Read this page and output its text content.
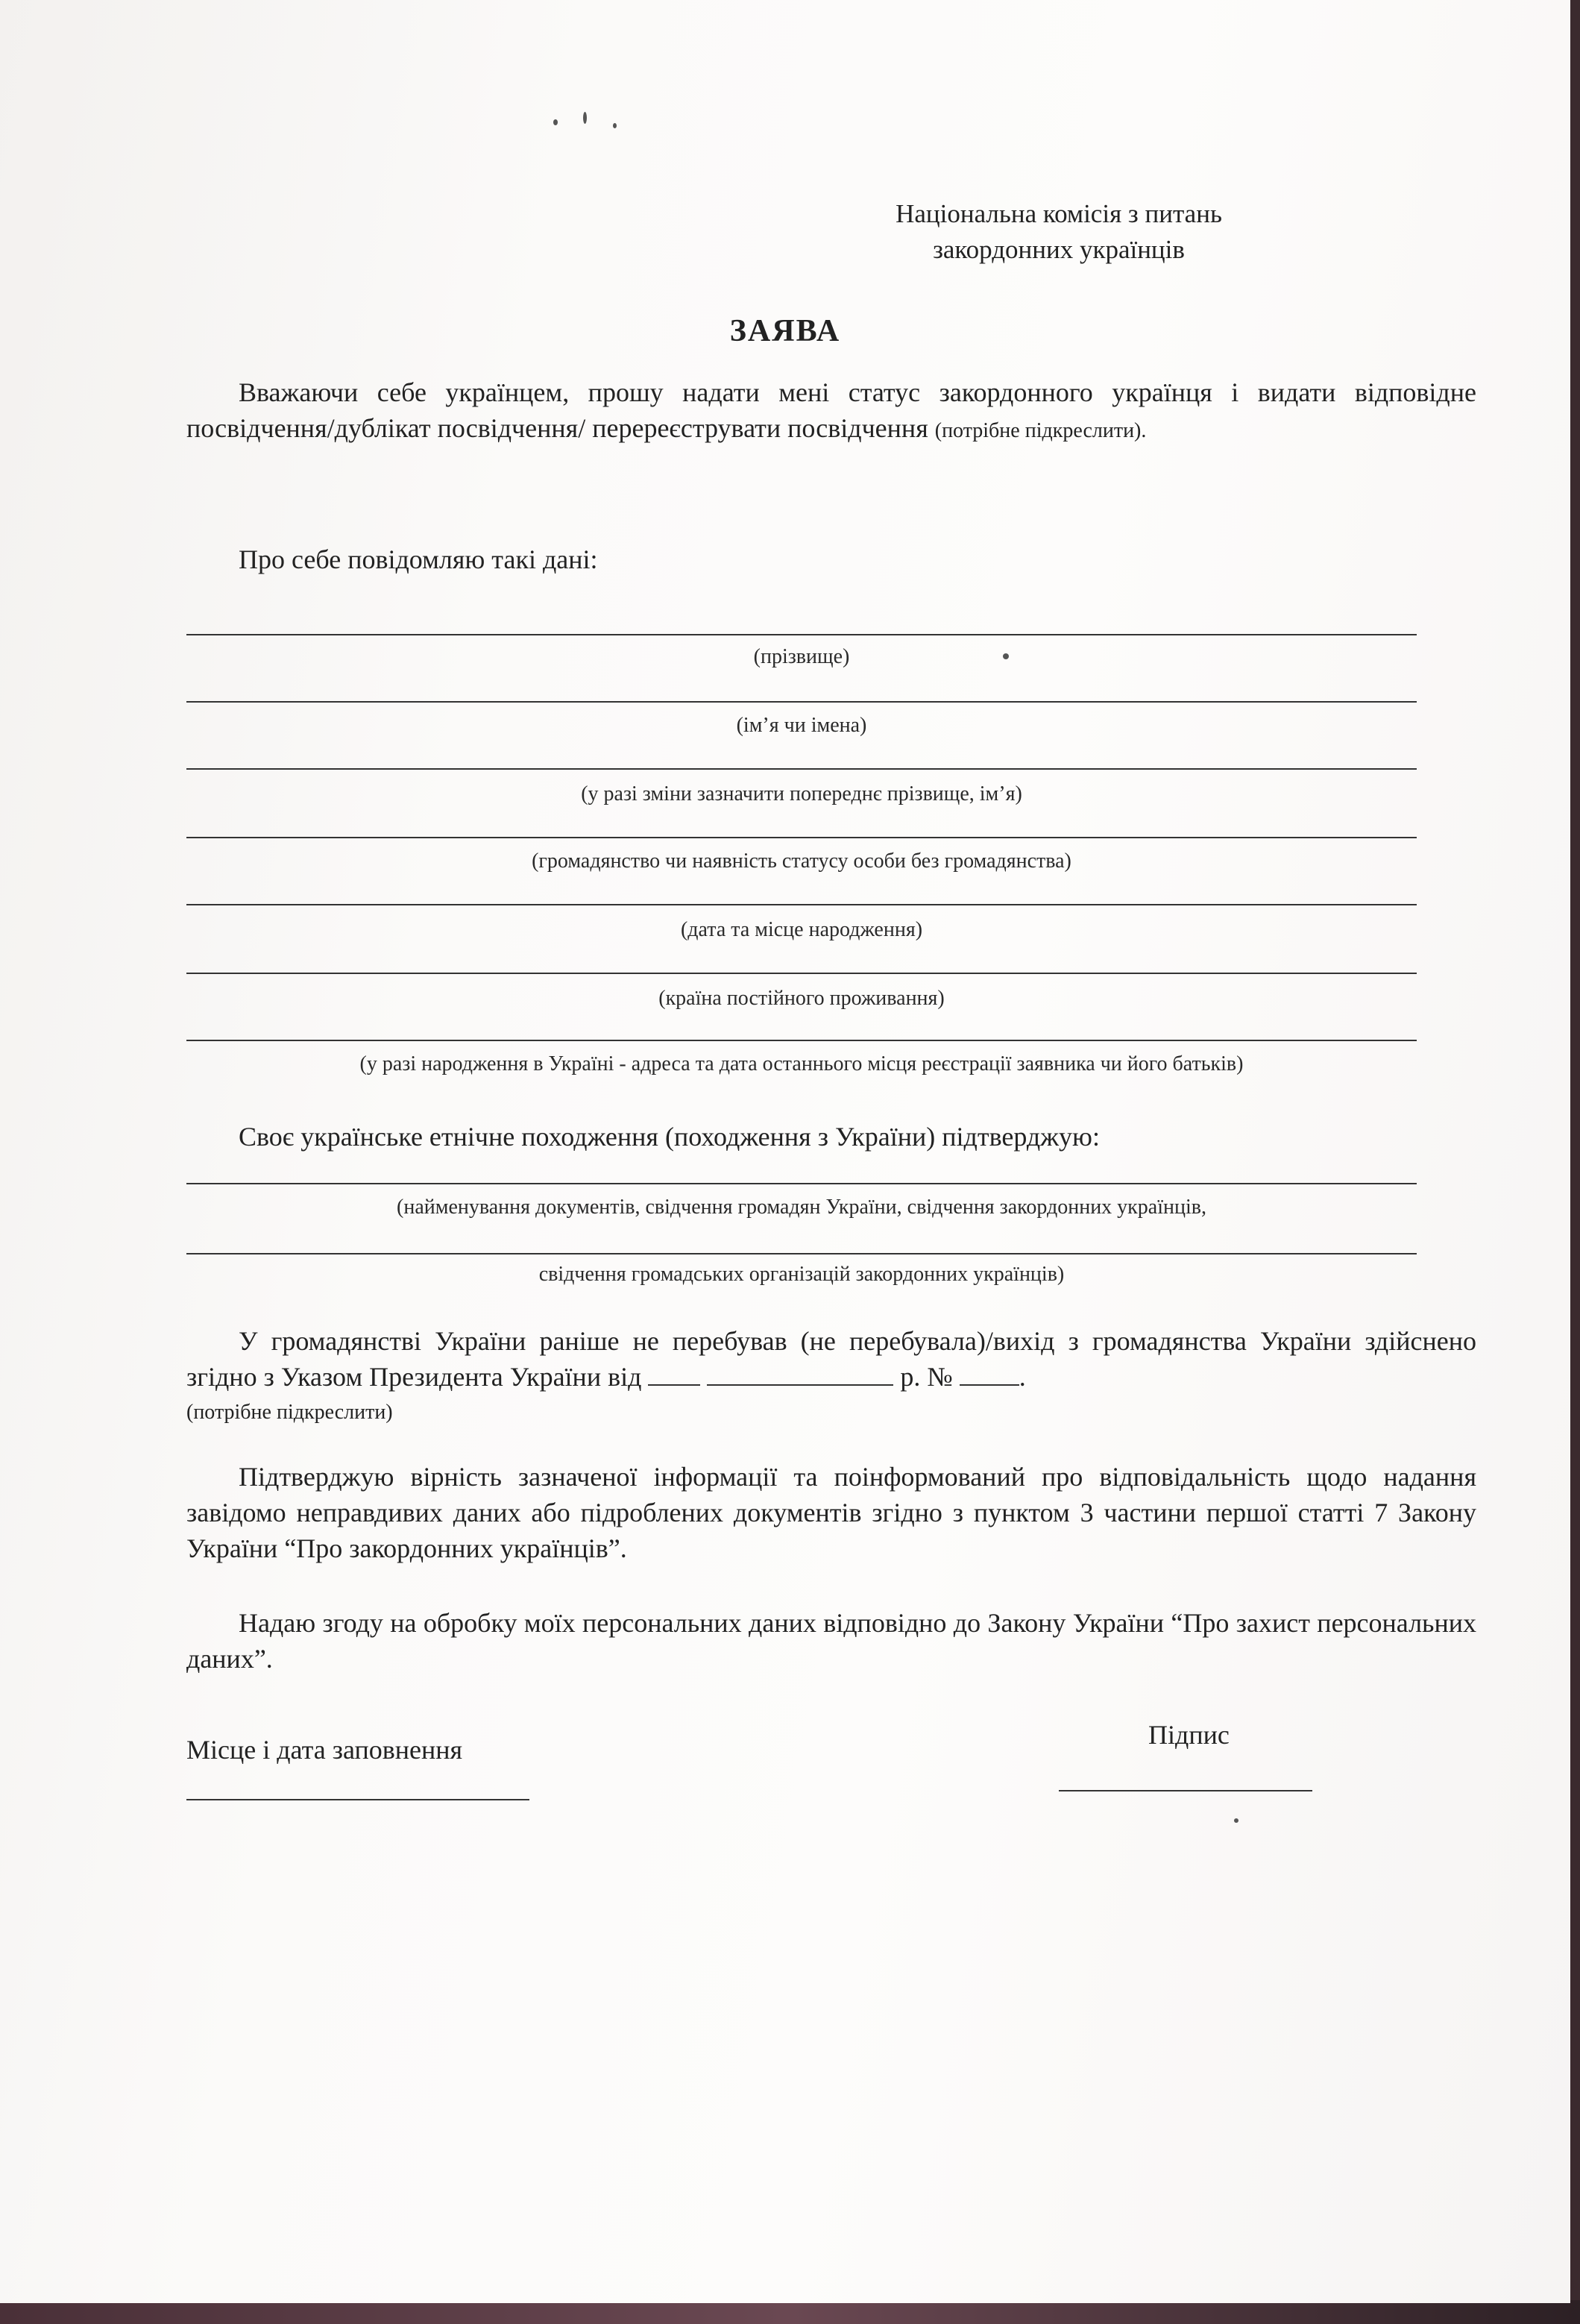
Національна комісія з питань
закордонних українців
ЗАЯВА
Вважаючи себе українцем, прошу надати мені статус закордонного українця і видати відповідне посвідчення/дублікат посвідчення/ перереєструвати посвідчення (потрібне підкреслити).
Про себе повідомляю такі дані:
(прізвище)
(ім’я чи імена)
(у разі зміни зазначити попереднє прізвище, ім’я)
(громадянство чи наявність статусу особи без громадянства)
(дата та місце народження)
(країна постійного проживання)
(у разі народження в Україні - адреса та дата останнього місця реєстрації заявника чи його батьків)
Своє українське етнічне походження (походження з України) підтверджую:
(найменування документів, свідчення громадян України, свідчення закордонних українців,
свідчення громадських організацій закордонних українців)
У громадянстві України раніше не перебував (не перебувала)/вихід з громадянства України здійснено згідно з Указом Президента України від	р. № .
(потрібне підкреслити)
Підтверджую вірність зазначеної інформації та поінформований про відповідальність щодо надання завідомо неправдивих даних або підроблених документів згідно з пунктом 3 частини першої статті 7 Закону України “Про закордонних українців”.
Надаю згоду на обробку моїх персональних даних відповідно до Закону України “Про захист персональних даних”.
Місце і дата заповнення	Підпис
